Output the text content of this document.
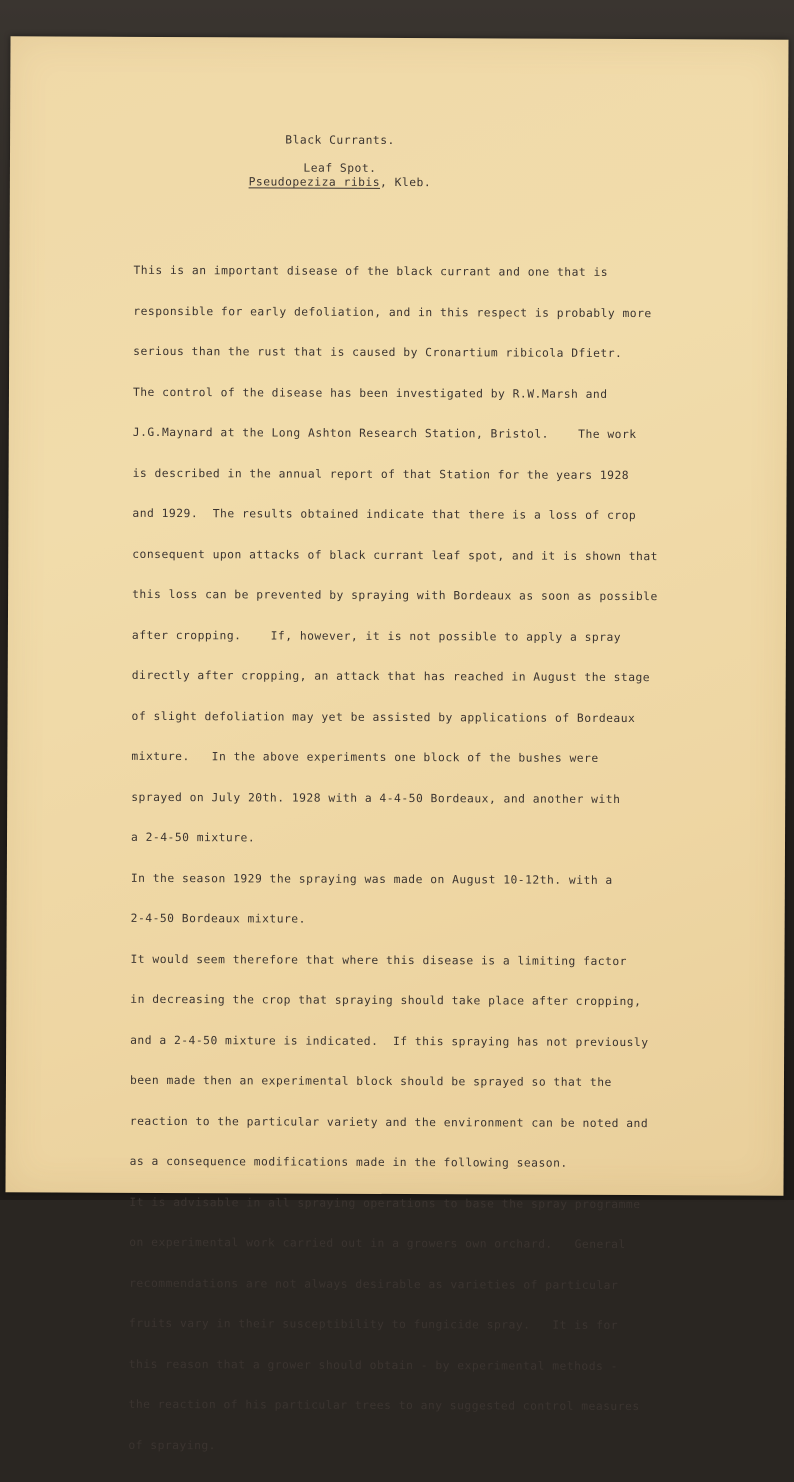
Black Currants.
Leaf Spot.
Pseudopeziza ribis, Kleb.

This is an important disease of the black currant and one that is

responsible for early defoliation, and in this respect is probably more

serious than the rust that is caused by Cronartium ribicola Dfietr.

The control of the disease has been investigated by R.W.Marsh and

J.G.Maynard at the Long Ashton Research Station, Bristol.    The work

is described in the annual report of that Station for the years 1928

and 1929.  The results obtained indicate that there is a loss of crop

consequent upon attacks of black currant leaf spot, and it is shown that

this loss can be prevented by spraying with Bordeaux as soon as possible

after cropping.    If, however, it is not possible to apply a spray

directly after cropping, an attack that has reached in August the stage

of slight defoliation may yet be assisted by applications of Bordeaux

mixture.   In the above experiments one block of the bushes were

sprayed on July 20th. 1928 with a 4-4-50 Bordeaux, and another with

a 2-4-50 mixture.

In the season 1929 the spraying was made on August 10-12th. with a

2-4-50 Bordeaux mixture.

It would seem therefore that where this disease is a limiting factor

in decreasing the crop that spraying should take place after cropping,

and a 2-4-50 mixture is indicated.  If this spraying has not previously

been made then an experimental block should be sprayed so that the

reaction to the particular variety and the environment can be noted and

as a consequence modifications made in the following season.

It is advisable in all spraying operations to base the spray programme

on experimental work carried out in a growers own orchard.   General

recommendations are not always desirable as varieties of particular

fruits vary in their susceptibility to fungicide spray.   It is for

this reason that a grower should obtain - by experimental methods -

the reaction of his particular trees to any suggested control measures

of spraying.
